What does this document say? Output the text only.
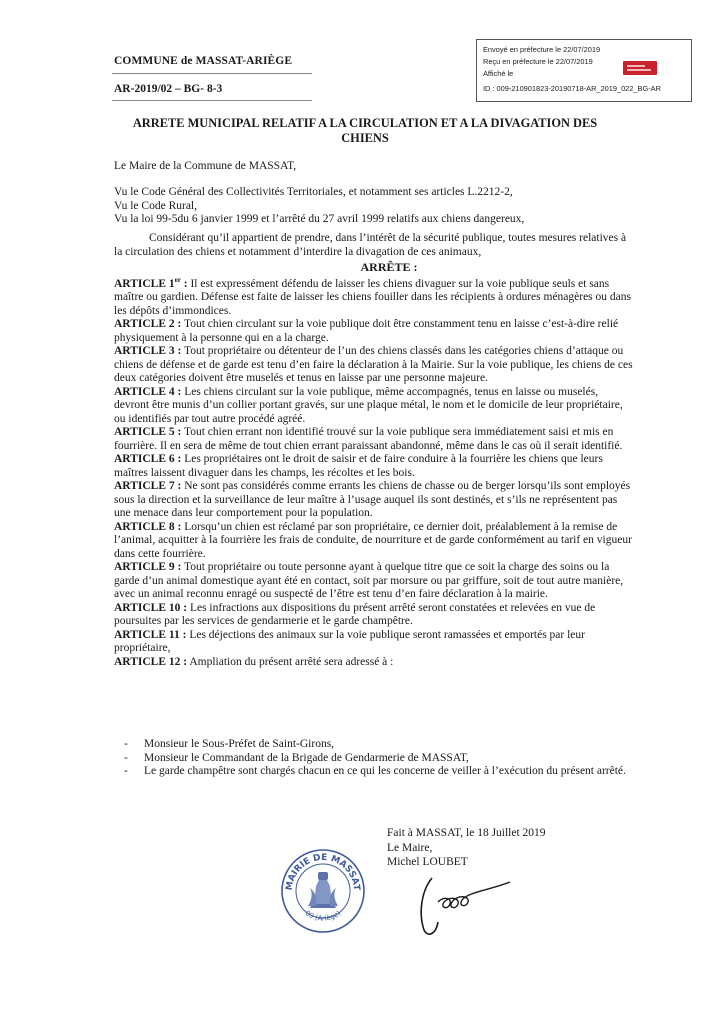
COMMUNE de MASSAT-ARIÈGE
AR-2019/02 – BG- 8-3
Envoyé en préfecture le 22/07/2019
Reçu en préfecture le 22/07/2019
Affiché le
ID : 009-210901823-20190718-AR_2019_022_BG-AR
ARRETE MUNICIPAL RELATIF A LA CIRCULATION ET A LA DIVAGATION DES CHIENS
Le Maire de la Commune de MASSAT,
Vu le Code Général des Collectivités Territoriales, et notamment ses articles L.2212-2,
Vu le Code Rural,
Vu la loi 99-5du 6 janvier 1999 et l’arrêté du 27 avril 1999 relatifs aux chiens dangereux,
Considérant qu’il appartient de prendre, dans l’intérêt de la sécurité publique, toutes mesures relatives à la circulation des chiens et notamment d’interdire la divagation de ces animaux,
ARRÊTE :
ARTICLE 1er : Il est expressément défendu de laisser les chiens divaguer sur la voie publique seuls et sans maître ou gardien. Défense est faite de laisser les chiens fouiller dans les récipients à ordures ménagères ou dans les dépôts d’immondices.
ARTICLE 2 : Tout chien circulant sur la voie publique doit être constamment tenu en laisse c’est-à-dire relié physiquement à la personne qui en a la charge.
ARTICLE 3 : Tout propriétaire ou détenteur de l’un des chiens classés dans les catégories chiens d’attaque ou chiens de défense et de garde est tenu d’en faire la déclaration à la Mairie. Sur la voie publique, les chiens de ces deux catégories doivent être muselés et tenus en laisse par une personne majeure.
ARTICLE 4 : Les chiens circulant sur la voie publique, même accompagnés, tenus en laisse ou muselés, devront être munis d’un collier portant gravés, sur une plaque métal, le nom et le domicile de leur propriétaire, ou identifiés par tout autre procédé agréé.
ARTICLE 5 : Tout chien errant non identifié trouvé sur la voie publique sera immédiatement saisi et mis en fourrière. Il en sera de même de tout chien errant paraissant abandonné, même dans le cas où il serait identifié.
ARTICLE 6 : Les propriétaires ont le droit de saisir et de faire conduire à la fourrière les chiens que leurs maîtres laissent divaguer dans les champs, les récoltes et les bois.
ARTICLE 7 : Ne sont pas considérés comme errants les chiens de chasse ou de berger lorsqu’ils sont employés sous la direction et la surveillance de leur maître à l’usage auquel ils sont destinés, et s’ils ne représentent pas une menace dans leur comportement pour la population.
ARTICLE 8 : Lorsqu’un chien est réclamé par son propriétaire, ce dernier doit, préalablement à la remise de l’animal, acquitter à la fourrière les frais de conduite, de nourriture et de garde conformément au tarif en vigueur dans cette fourrière.
ARTICLE 9 : Tout propriétaire ou toute personne ayant à quelque titre que ce soit la charge des soins ou la garde d’un animal domestique ayant été en contact, soit par morsure ou par griffure, soit de tout autre manière, avec un animal reconnu enragé ou suspecté de l’être est tenu d’en faire déclaration à la mairie.
ARTICLE 10 : Les infractions aux dispositions du présent arrêté seront constatées et relevées en vue de poursuites par les services de gendarmerie et le garde champêtre.
ARTICLE 11 : Les déjections des animaux sur la voie publique seront ramassées et emportés par leur propriétaire,
ARTICLE 12 : Ampliation du présent arrêté sera adressé à :
- Monsieur le Sous-Préfet de Saint-Girons,
- Monsieur le Commandant de la Brigade de Gendarmerie de MASSAT,
- Le garde champêtre sont chargés chacun en ce qui les concerne de veiller à l’exécution du présent arrêté.
Fait à MASSAT, le 18 Juillet 2019
Le Maire,
Michel LOUBET
MAIRIE DE MASSAT
09 (Ariège)
